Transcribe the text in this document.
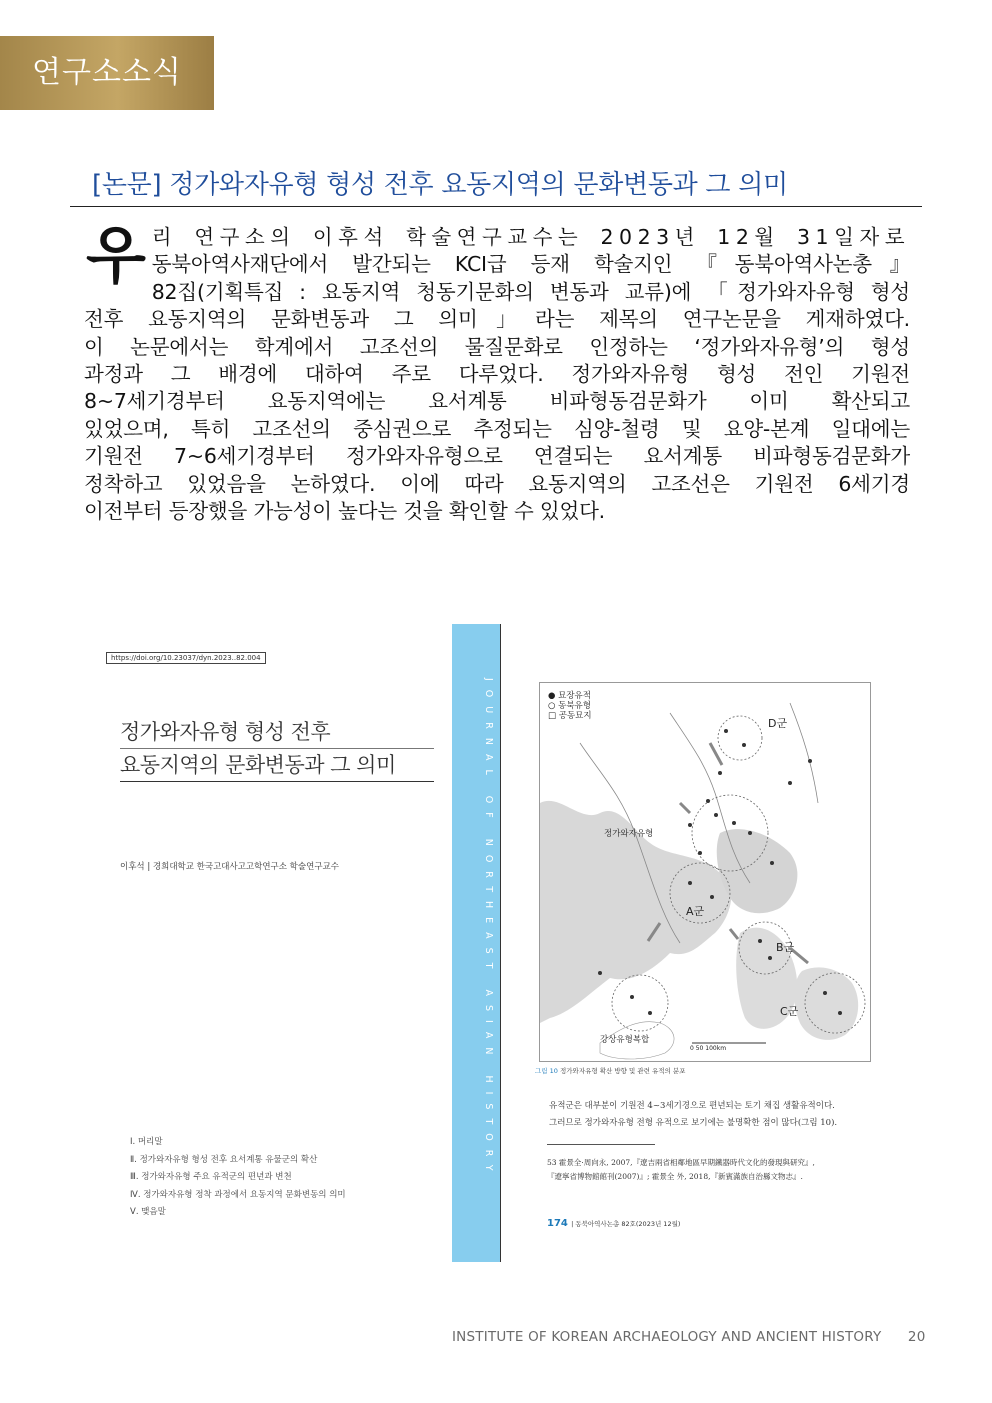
연구소소식
[논문] 정가와자유형 형성 전후 요동지역의 문화변동과 그 의미
우 리 연구소의 이후석 학술연구교수는 2023년 12월 31일자로

동북아역사재단에서 발간되는 KCI급 등재 학술지인 『동북아역사논총』

82집(기획특집 : 요동지역 청동기문화의 변동과 교류)에 「정가와자유형 형성

전후 요동지역의 문화변동과 그 의미」라는 제목의 연구논문을 게재하였다.

이 논문에서는 학계에서 고조선의 물질문화로 인정하는 ‘정가와자유형’의 형성

과정과 그 배경에 대하여 주로 다루었다. 정가와자유형 형성 전인 기원전

8~7세기경부터 요동지역에는 요서계통 비파형동검문화가 이미 확산되고

있었으며, 특히 고조선의 중심권으로 추정되는 심양-철령 및 요양-본계 일대에는

기원전 7~6세기경부터 정가와자유형으로 연결되는 요서계통 비파형동검문화가

정착하고 있었음을 논하였다. 이에 따라 요동지역의 고조선은 기원전 6세기경

이전부터 등장했을 가능성이 높다는 것을 확인할 수 있었다.

https://doi.org/10.23037/dyn.2023..82.004
정가와자유형 형성 전후
요동지역의 문화변동과 그 의미
이후석 | 경희대학교 한국고대사고고학연구소 학술연구교수
Ⅰ. 머리말
Ⅱ. 정가와자유형 형성 전후 요서계통 유물군의 확산
Ⅲ. 정가와자유형 주요 유적군의 편년과 변천
Ⅳ. 정가와자유형 정착 과정에서 요동지역 문화변동의 의미
Ⅴ. 맺음말
JOURNAL OF NORTHEAST ASIAN HISTORY	● 묘장유적
○ 동북유형
□ 공동묘지
D군
정가와자유형
A군
B군
C군
강상유형복합
0 50 100km
그림 10 정가와자유형 확산 방향 및 관련 유적의 분포
유적군은 대부분이 기원전 4~3세기경으로 편년되는 토기 채집 생활유적이다.
그러므로 정가와자유형 전형 유적으로 보기에는 불명확한 점이 많다(그림 10).
53 霍景全·周向永, 2007,『遼吉兩省相鄰地區早期鐵器時代文化的發現與研究』,
『遼寧省博物館館刊(2007)』; 霍景全 外, 2018,『新賓滿族自治縣文物志』.
174 | 동북아역사논총 82호(2023년 12월)
INSTITUTE OF KOREAN ARCHAEOLOGY AND ANCIENT HISTORY 20
